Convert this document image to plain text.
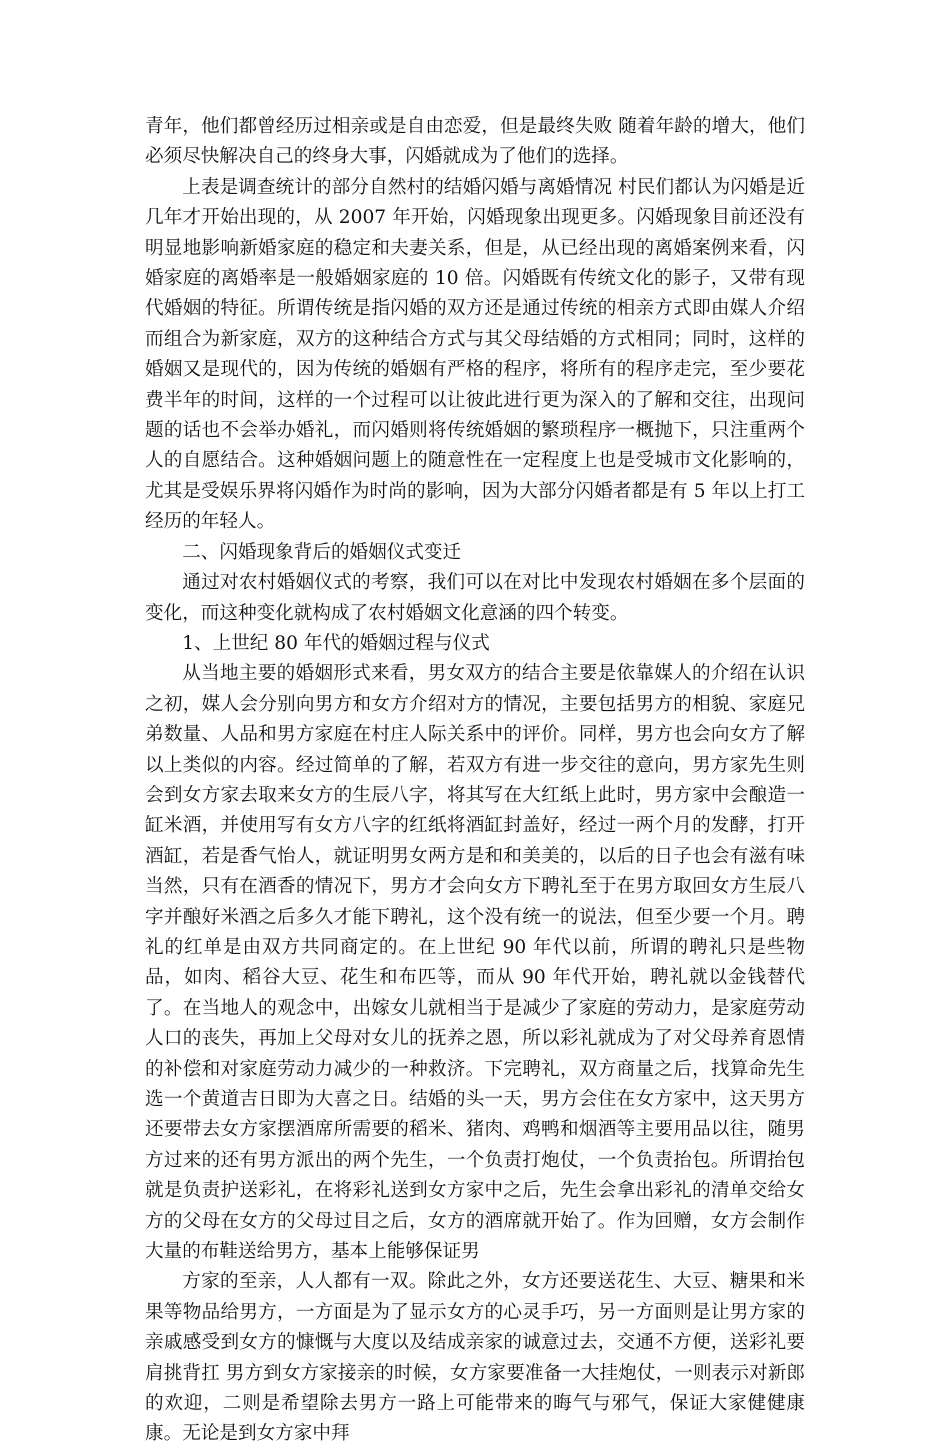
青年，他们都曾经历过相亲或是自由恋爱，但是最终失败 随着年龄的增大，他们必须尽快解决自己的终身大事，闪婚就成为了他们的选择。

上表是调查统计的部分自然村的结婚闪婚与离婚情况 村民们都认为闪婚是近几年才开始出现的，从 2007 年开始，闪婚现象出现更多。闪婚现象目前还没有明显地影响新婚家庭的稳定和夫妻关系，但是，从已经出现的离婚案例来看，闪婚家庭的离婚率是一般婚姻家庭的 10 倍。闪婚既有传统文化的影子，又带有现代婚姻的特征。所谓传统是指闪婚的双方还是通过传统的相亲方式即由媒人介绍而组合为新家庭，双方的这种结合方式与其父母结婚的方式相同；同时，这样的婚姻又是现代的，因为传统的婚姻有严格的程序，将所有的程序走完，至少要花费半年的时间，这样的一个过程可以让彼此进行更为深入的了解和交往，出现问题的话也不会举办婚礼，而闪婚则将传统婚姻的繁琐程序一概抛下，只注重两个人的自愿结合。这种婚姻问题上的随意性在一定程度上也是受城市文化影响的，尤其是受娱乐界将闪婚作为时尚的影响，因为大部分闪婚者都是有 5 年以上打工经历的年轻人。

二、闪婚现象背后的婚姻仪式变迁

通过对农村婚姻仪式的考察，我们可以在对比中发现农村婚姻在多个层面的变化，而这种变化就构成了农村婚姻文化意涵的四个转变。

1、上世纪 80 年代的婚姻过程与仪式

从当地主要的婚姻形式来看，男女双方的结合主要是依靠媒人的介绍在认识之初，媒人会分别向男方和女方介绍对方的情况，主要包括男方的相貌、家庭兄弟数量、人品和男方家庭在村庄人际关系中的评价。同样，男方也会向女方了解以上类似的内容。经过简单的了解，若双方有进一步交往的意向，男方家先生则会到女方家去取来女方的生辰八字，将其写在大红纸上此时，男方家中会酿造一缸米酒，并使用写有女方八字的红纸将酒缸封盖好，经过一两个月的发酵，打开酒缸，若是香气怡人，就证明男女两方是和和美美的，以后的日子也会有滋有味 当然，只有在酒香的情况下，男方才会向女方下聘礼至于在男方取回女方生辰八字并酿好米酒之后多久才能下聘礼，这个没有统一的说法，但至少要一个月。聘礼的红单是由双方共同商定的。在上世纪 90 年代以前，所谓的聘礼只是些物品，如肉、稻谷大豆、花生和布匹等，而从 90 年代开始，聘礼就以金钱替代了。在当地人的观念中，出嫁女儿就相当于是减少了家庭的劳动力，是家庭劳动人口的丧失，再加上父母对女儿的抚养之恩，所以彩礼就成为了对父母养育恩情的补偿和对家庭劳动力减少的一种救济。下完聘礼，双方商量之后，找算命先生选一个黄道吉日即为大喜之日。结婚的头一天，男方会住在女方家中，这天男方还要带去女方家摆酒席所需要的稻米、猪肉、鸡鸭和烟酒等主要用品以往，随男方过来的还有男方派出的两个先生，一个负责打炮仗，一个负责抬包。所谓抬包就是负责护送彩礼，在将彩礼送到女方家中之后，先生会拿出彩礼的清单交给女方的父母在女方的父母过目之后，女方的酒席就开始了。作为回赠，女方会制作大量的布鞋送给男方，基本上能够保证男

方家的至亲，人人都有一双。除此之外，女方还要送花生、大豆、糖果和米果等物品给男方，一方面是为了显示女方的心灵手巧，另一方面则是让男方家的亲戚感受到女方的慷慨与大度以及结成亲家的诚意过去，交通不方便，送彩礼要肩挑背扛 男方到女方家接亲的时候，女方家要准备一大挂炮仗，一则表示对新郎的欢迎，二则是希望除去男方一路上可能带来的晦气与邪气，保证大家健健康康。无论是到女方家中拜
